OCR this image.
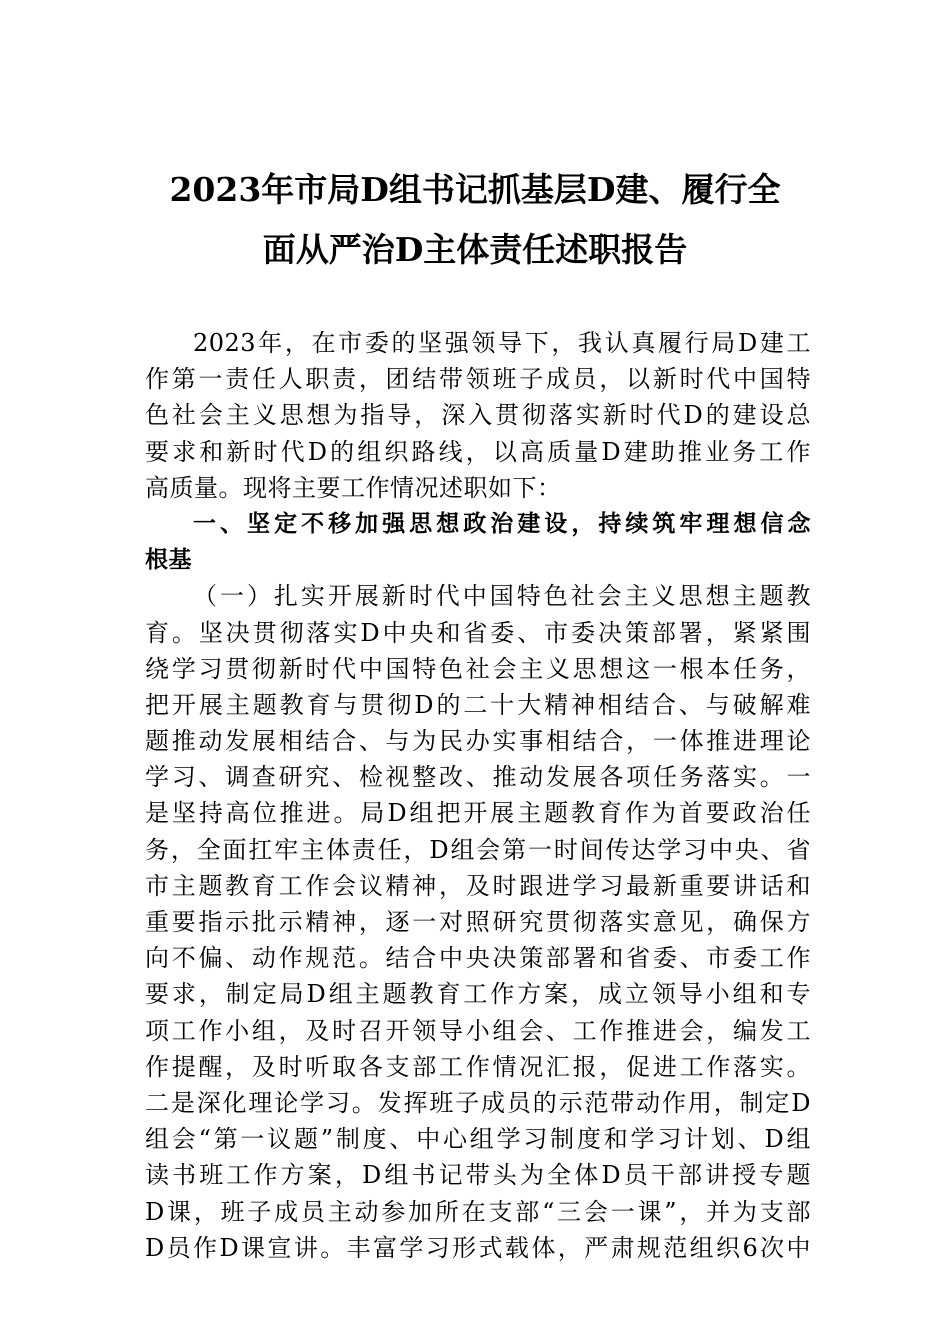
2023年市局D组书记抓基层D建、履行全
面从严治D主体责任述职报告
2023年，在市委的坚强领导下，我认真履行局D建工
作第一责任人职责，团结带领班子成员，以新时代中国特
色社会主义思想为指导，深入贯彻落实新时代D的建设总
要求和新时代D的组织路线，以高质量D建助推业务工作
高质量。现将主要工作情况述职如下：
一、坚定不移加强思想政治建设，持续筑牢理想信念
根基
（一）扎实开展新时代中国特色社会主义思想主题教
育。坚决贯彻落实D中央和省委、市委决策部署，紧紧围
绕学习贯彻新时代中国特色社会主义思想这一根本任务，
把开展主题教育与贯彻D的二十大精神相结合、与破解难
题推动发展相结合、与为民办实事相结合，一体推进理论
学习、调查研究、检视整改、推动发展各项任务落实。一
是坚持高位推进。局D组把开展主题教育作为首要政治任
务，全面扛牢主体责任，D组会第一时间传达学习中央、省
市主题教育工作会议精神，及时跟进学习最新重要讲话和
重要指示批示精神，逐一对照研究贯彻落实意见，确保方
向不偏、动作规范。结合中央决策部署和省委、市委工作
要求，制定局D组主题教育工作方案，成立领导小组和专
项工作小组，及时召开领导小组会、工作推进会，编发工
作提醒，及时听取各支部工作情况汇报，促进工作落实。
二是深化理论学习。发挥班子成员的示范带动作用，制定D
组会“第一议题”制度、中心组学习制度和学习计划、D组
读书班工作方案，D组书记带头为全体D员干部讲授专题
D课，班子成员主动参加所在支部“三会一课”，并为支部
D员作D课宣讲。丰富学习形式载体，严肃规范组织6次中
